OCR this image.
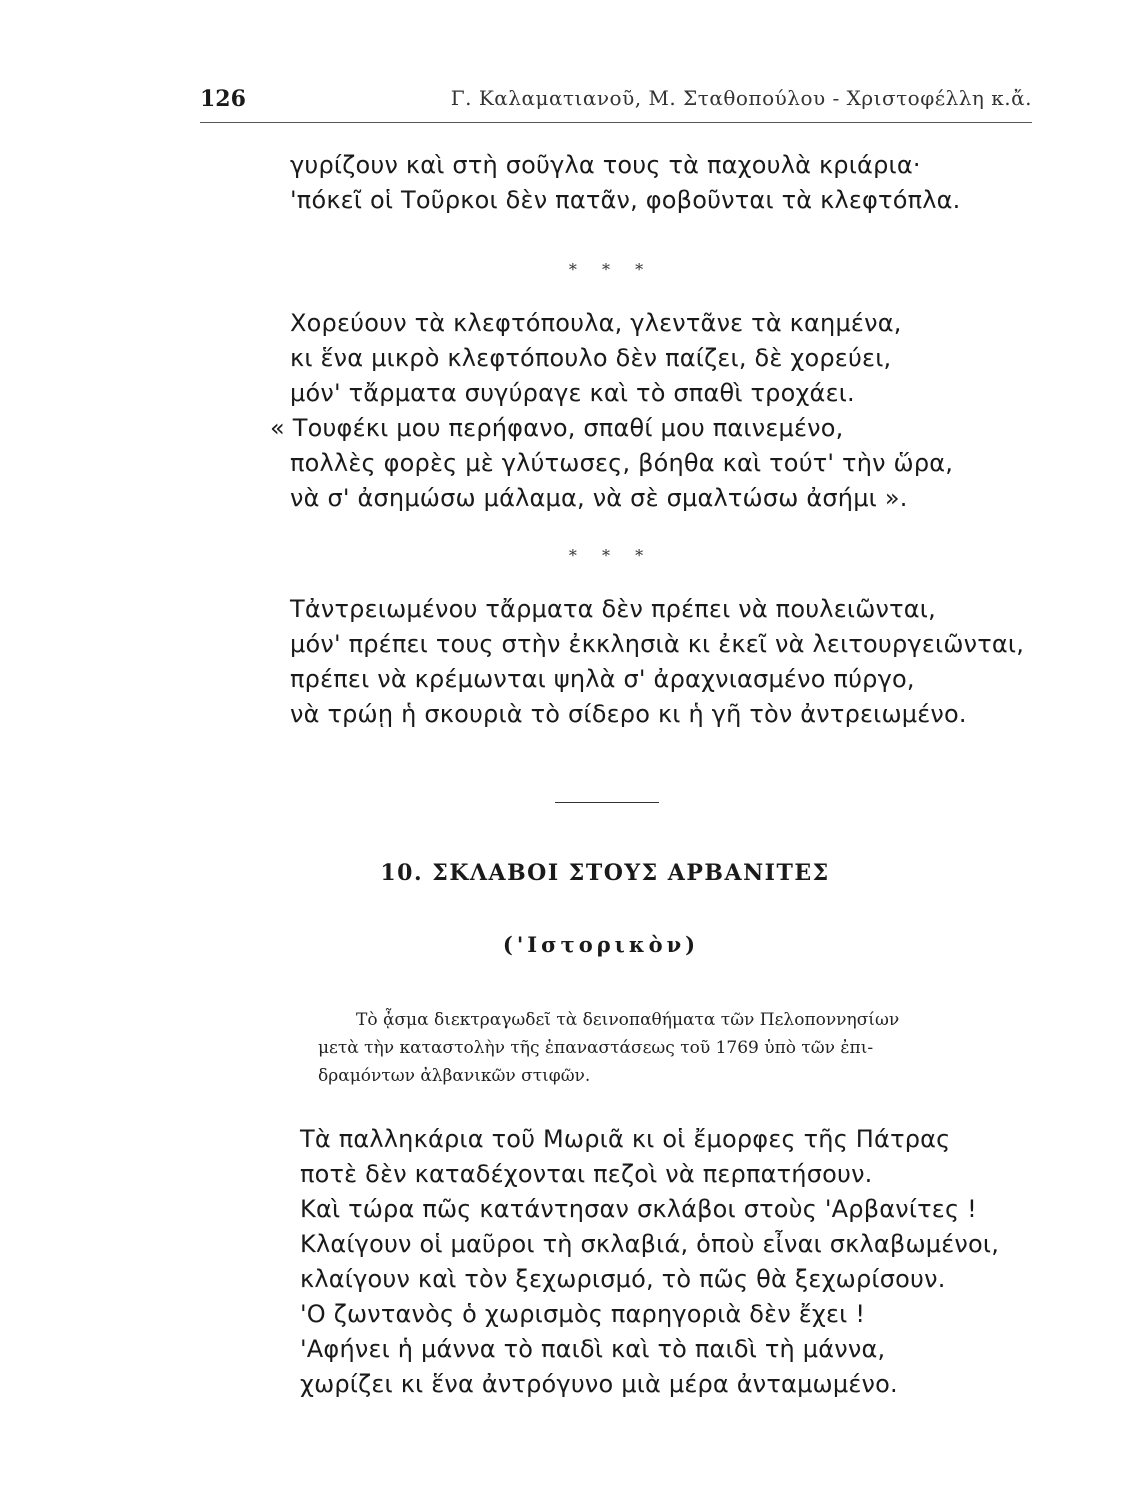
126	Γ. Καλαματιανοῦ, Μ. Σταθοπούλου - Χριστοφέλλη κ.ἄ.
γυρίζουν καὶ στὴ σοῦγλα τους τὰ παχουλὰ κριάρια·
'πόκεῖ οἱ Τοῦρκοι δὲν πατᾶν, φοβοῦνται τὰ κλεφτόπλα.
* * *
Χορεύουν τὰ κλεφτόπουλα, γλεντᾶνε τὰ καημένα,
κι ἕνα μικρὸ κλεφτόπουλο δὲν παίζει, δὲ χορεύει,
μόν' τἄρματα συγύραγε καὶ τὸ σπαθὶ τροχάει.
« Τουφέκι μου περήφανο, σπαθί μου παινεμένο,
πολλὲς φορὲς μὲ γλύτωσες, βόηθα καὶ τούτ' τὴν ὥρα,
νὰ σ' ἀσημώσω μάλαμα, νὰ σὲ σμαλτώσω ἀσήμι ».
* * *
Τἀντρειωμένου τἄρματα δὲν πρέπει νὰ πουλειῶνται,
μόν' πρέπει τους στὴν ἐκκλησιὰ κι ἐκεῖ νὰ λειτουργειῶνται,
πρέπει νὰ κρέμωνται ψηλὰ σ' ἀραχνιασμένο πύργο,
νὰ τρώῃ ἡ σκουριὰ τὸ σίδερο κι ἡ γῆ τὸν ἀντρειωμένο.
10. ΣΚΛΑΒΟΙ ΣΤΟΥΣ ΑΡΒΑΝΙΤΕΣ
('Ιστορικὸν)
Τὸ ᾆσμα διεκτραγωδεῖ τὰ δεινοπαθήματα τῶν Πελοποννησίων
μετὰ τὴν καταστολὴν τῆς ἐπαναστάσεως τοῦ 1769 ὑπὸ τῶν ἐπι-
δραμόντων ἀλβανικῶν στιφῶν.
Τὰ παλληκάρια τοῦ Μωριᾶ κι οἱ ἔμορφες τῆς Πάτρας
ποτὲ δὲν καταδέχονται πεζοὶ νὰ περπατήσουν.
Καὶ τώρα πῶς κατάντησαν σκλάβοι στοὺς 'Αρβανίτες !
Κλαίγουν οἱ μαῦροι τὴ σκλαβιά, ὁποὺ εἶναι σκλαβωμένοι,
κλαίγουν καὶ τὸν ξεχωρισμό, τὸ πῶς θὰ ξεχωρίσουν.
'Ο ζωντανὸς ὁ χωρισμὸς παρηγοριὰ δὲν ἔχει !
'Αφήνει ἡ μάννα τὸ παιδὶ καὶ τὸ παιδὶ τὴ μάννα,
χωρίζει κι ἕνα ἀντρόγυνο μιὰ μέρα ἀνταμωμένο.
